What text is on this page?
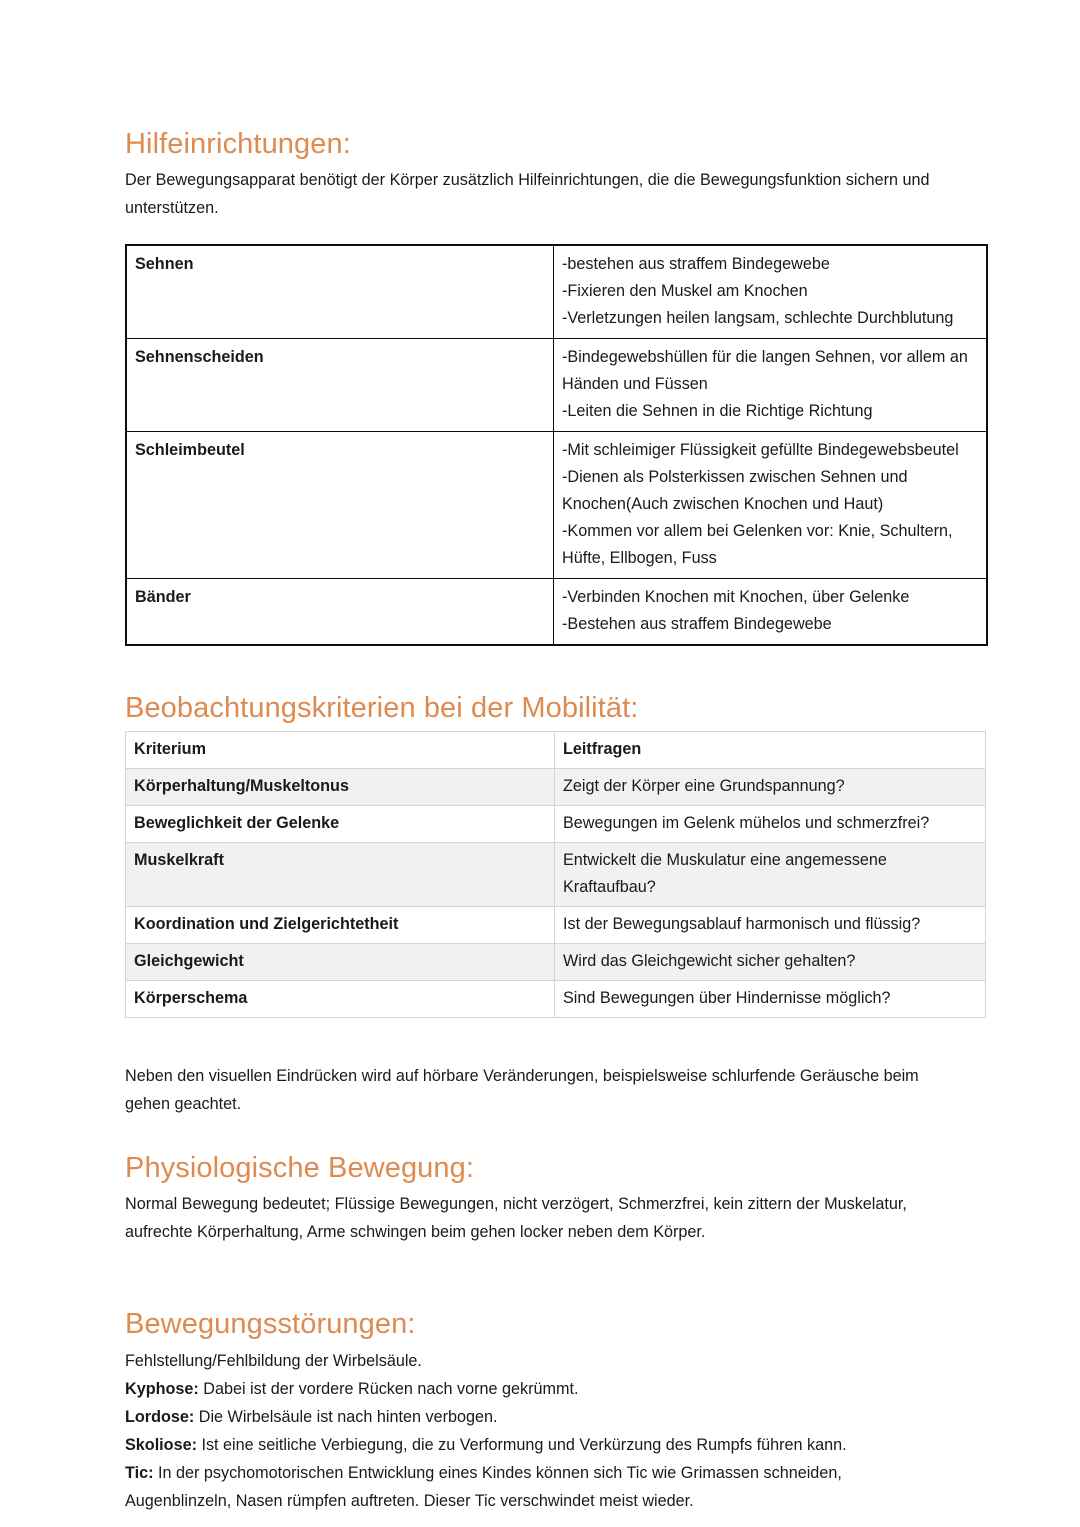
Hilfeinrichtungen:

Der Bewegungsapparat benötigt der Körper zusätzlich Hilfeinrichtungen, die die Bewegungsfunktion sichern und unterstützen.

Sehnen	-bestehen aus straffem Bindegewebe
-Fixieren den Muskel am Knochen
-Verletzungen heilen langsam, schlechte Durchblutung

Sehnenscheiden	-Bindegewebshüllen für die langen Sehnen, vor allem an Händen und Füssen
-Leiten die Sehnen in die Richtige Richtung

Schleimbeutel	-Mit schleimiger Flüssigkeit gefüllte Bindegewebsbeutel
-Dienen als Polsterkissen zwischen Sehnen und Knochen(Auch zwischen Knochen und Haut)
-Kommen vor allem bei Gelenken vor: Knie, Schultern, Hüfte, Ellbogen, Fuss

Bänder	-Verbinden Knochen mit Knochen, über Gelenke
-Bestehen aus straffem Bindegewebe
Beobachtungskriterien bei der Mobilität:
Kriterium	Leitfragen
Körperhaltung/Muskeltonus	Zeigt der Körper eine Grundspannung?
Beweglichkeit der Gelenke	Bewegungen im Gelenk mühelos und schmerzfrei?
Muskelkraft	Entwickelt die Muskulatur eine angemessene Kraftaufbau?
Koordination und Zielgerichtetheit	Ist der Bewegungsablauf harmonisch und flüssig?
Gleichgewicht	Wird das Gleichgewicht sicher gehalten?
Körperschema	Sind Bewegungen über Hindernisse möglich?

Neben den visuellen Eindrücken wird auf hörbare Veränderungen, beispielsweise schlurfende Geräusche beim gehen geachtet.

Physiologische Bewegung:

Normal Bewegung bedeutet; Flüssige Bewegungen, nicht verzögert, Schmerzfrei, kein zittern der Muskelatur, aufrechte Körperhaltung, Arme schwingen beim gehen locker neben dem Körper.

Bewegungsstörungen:

Fehlstellung/Fehlbildung der Wirbelsäule.

Kyphose: Dabei ist der vordere Rücken nach vorne gekrümmt.

Lordose: Die Wirbelsäule ist nach hinten verbogen.

Skoliose: Ist eine seitliche Verbiegung, die zu Verformung und Verkürzung des Rumpfs führen kann.

Tic: In der psychomotorischen Entwicklung eines Kindes können sich Tic wie Grimassen schneiden, Augenblinzeln, Nasen rümpfen auftreten. Dieser Tic verschwindet meist wieder.
